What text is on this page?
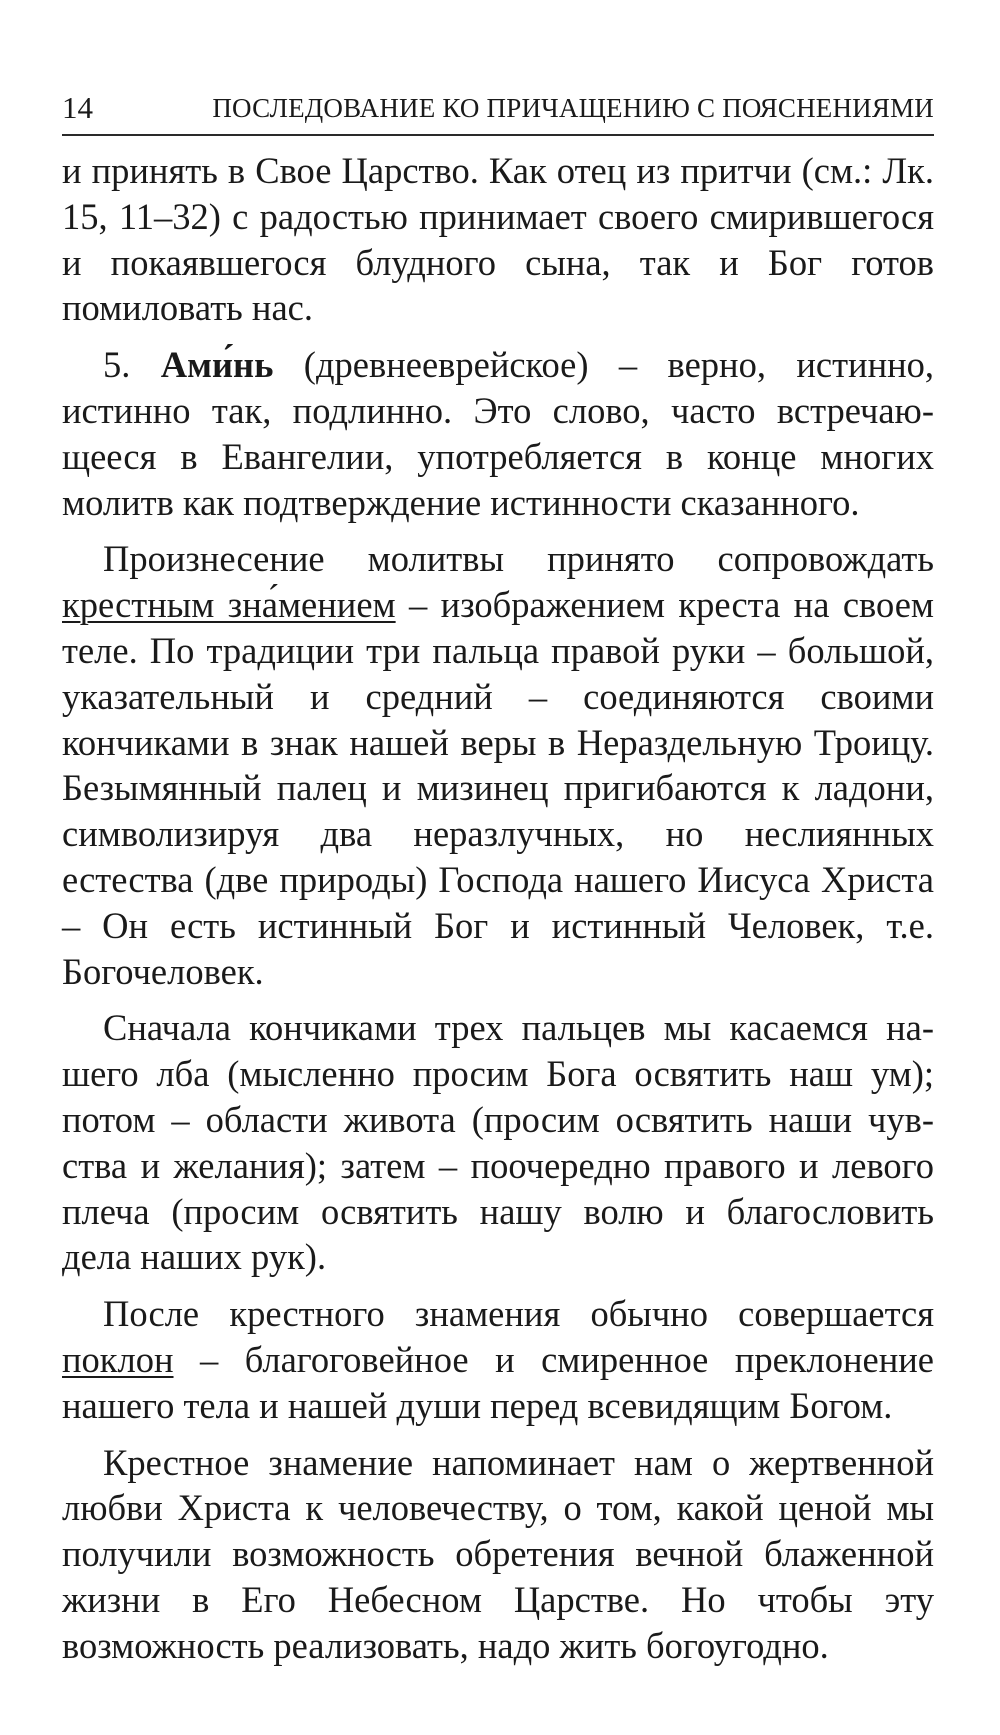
14	ПОСЛЕДОВАНИЕ КО ПРИЧАЩЕНИЮ С ПОЯСНЕНИЯМИ

и принять в Свое Царство. Как отец из притчи (см.: Лк. 15, 11–32) с радостью принимает своего смирившегося и покаявшегося блудного сына, так и Бог готов помиловать нас.

5. Ами́нь (древнееврейское) – верно, истинно, истинно так, подлинно. Это слово, часто встречающееся в Евангелии, употребляется в конце многих молитв как подтверждение истинности сказанного.

Произнесение молитвы принято сопровождать крестным зна́мением – изображением креста на своем теле. По традиции три пальца правой руки – большой, указательный и средний – соединяются своими кончиками в знак нашей веры в Нераздельную Троицу. Безымянный палец и мизинец пригибаются к ладони, символизируя два неразлучных, но неслиянных естества (две природы) Господа нашего Иисуса Христа – Он есть истинный Бог и истинный Человек, т.е. Богочеловек.

Сначала кончиками трех пальцев мы касаемся нашего лба (мысленно просим Бога освятить наш ум); потом – области живота (просим освятить наши чувства и желания); затем – поочередно правого и левого плеча (просим освятить нашу волю и благословить дела наших рук).

После крестного знамения обычно совершается поклон – благоговейное и смиренное преклонение нашего тела и нашей души перед всевидящим Богом.

Крестное знамение напоминает нам о жертвенной любви Христа к человечеству, о том, какой ценой мы получили возможность обретения вечной блаженной жизни в Его Небесном Царстве. Но чтобы эту возможность реализовать, надо жить богоугодно.
